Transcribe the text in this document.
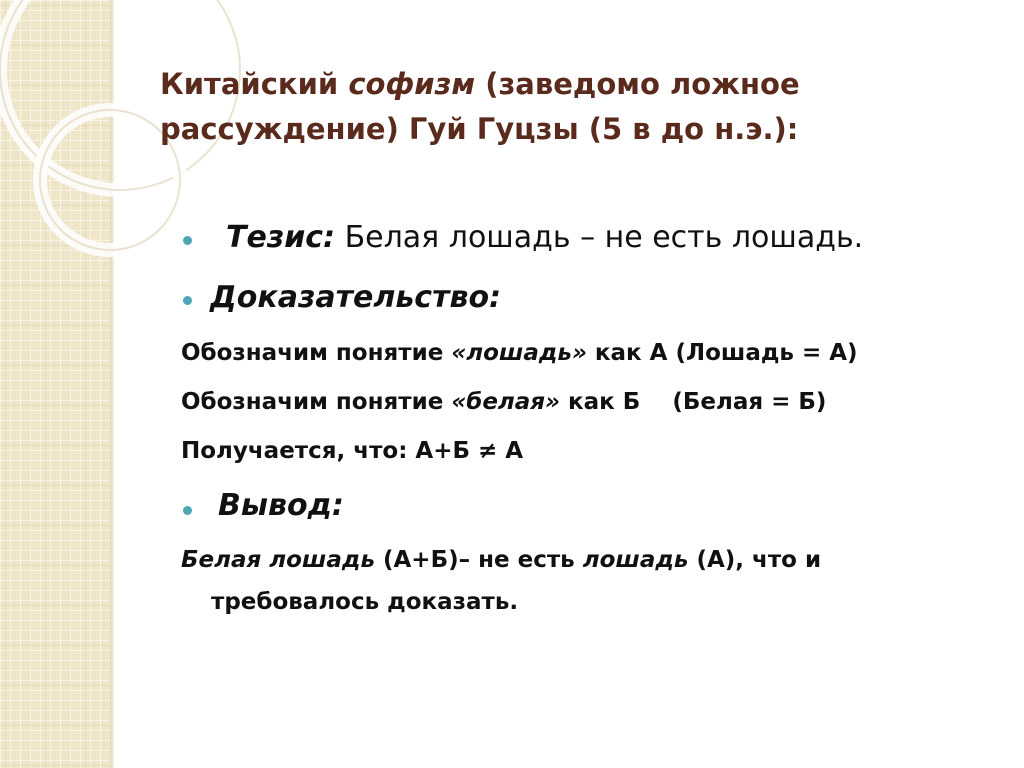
Китайский софизм (заведомо ложное рассуждение) Гуй Гуцзы (5 в до н.э.):
Тезис: Белая лошадь – не есть лошадь.
Доказательство:
Обозначим понятие «лошадь» как А (Лошадь = А)
Обозначим понятие «белая» как Б    (Белая = Б)
Получается, что: А+Б ≠ А
Вывод:
Белая лошадь (А+Б)– не есть лошадь (А), что и
требовалось доказать.
